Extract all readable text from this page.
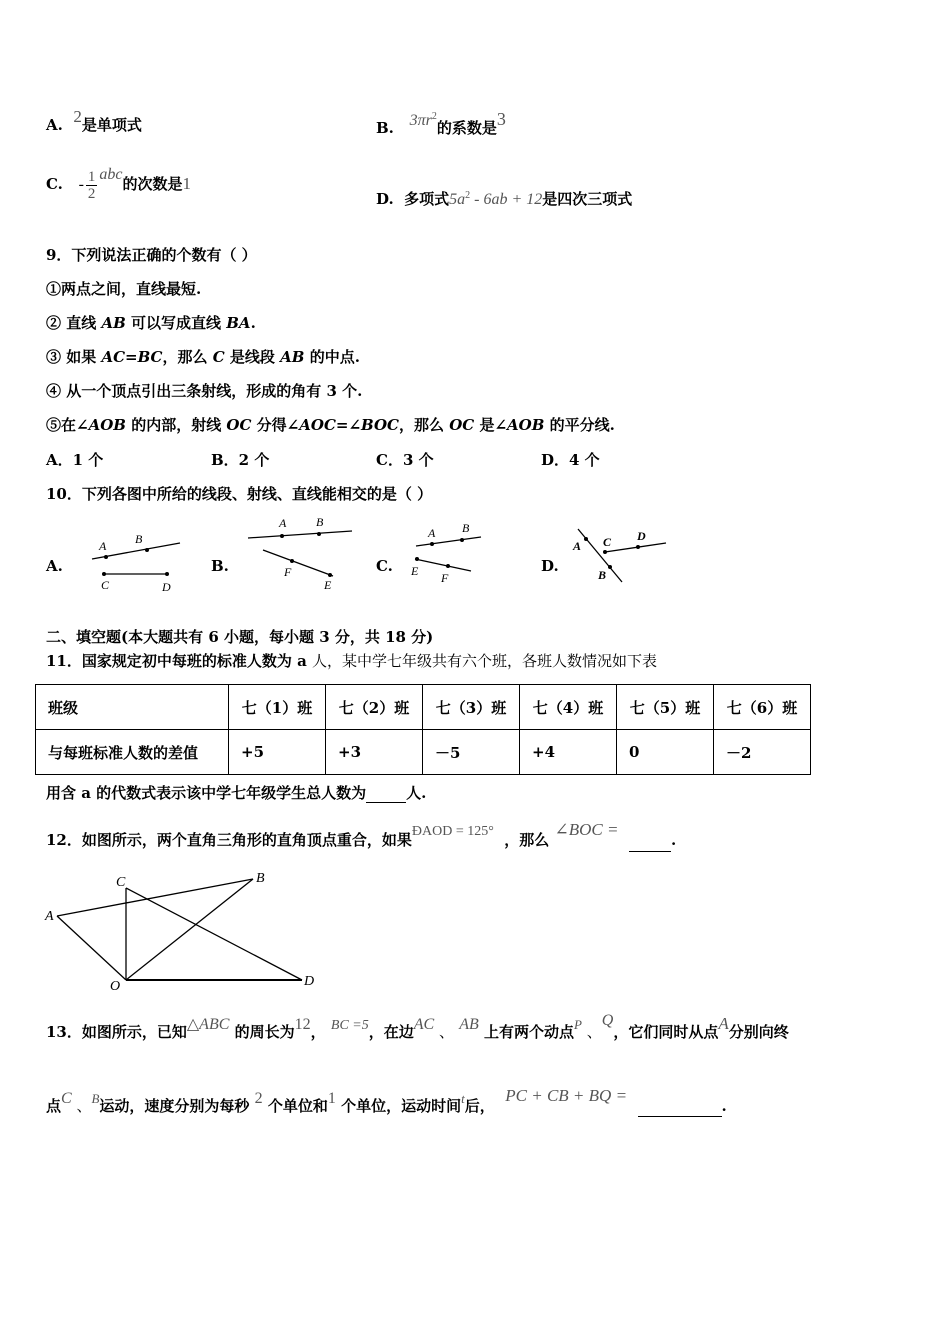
A. 2是单项式	B. $3\pi r^2$的系数是3
C. - $\frac{1}{2}$ abc的次数是1
D. 多项式$5a^2 - 6ab + 12$是四次三项式
9．下列说法正确的个数有（ ）
①两点之间，直线最短.
② 直线 AB 可以写成直线 BA.
③ 如果 AC=BC，那么 C 是线段 AB 的中点.
④ 从一个顶点引出三条射线，形成的角有 3 个.
⑤在∠AOB 的内部，射线 OC 分得∠AOC=∠BOC，那么 OC 是∠AOB 的平分线.
A．1 个	B．2 个	C．3 个	D．4 个
10．下列各图中所给的线段、射线、直线能相交的是（ ）
A.	B.	C.	D.
A B
C	D
A B
F
E
A B
E F
A C D
B
二、填空题(本大题共有 6 小题，每小题 3 分，共 18 分)
11．国家规定初中每班的标准人数为 a 人，某中学七年级共有六个班，各班人数情况如下表
班级	七（1）班	七（2）班	七（3）班	七（4）班	七（5）班	七（6）班
与每班标准人数的差值	+5	+3	－5	+4	0	－2
用含 a 的代数式表示该中学七年级学生总人数为	人.
12．如图所示，两个直角三角形的直角顶点重合，如果ÐAOD = 125° ，那么 ∠BOC =   .
A
B
C
O	D
13．如图所示，已知△ABC 的周长为12， BC =5，在边AC 、 AB 上有两个动点P 、Q，它们同时从点A分别向终
点C 、B运动，速度分别为每秒 2 个单位和1 个单位，运动时间t后，  PC + CB + BQ =   .
